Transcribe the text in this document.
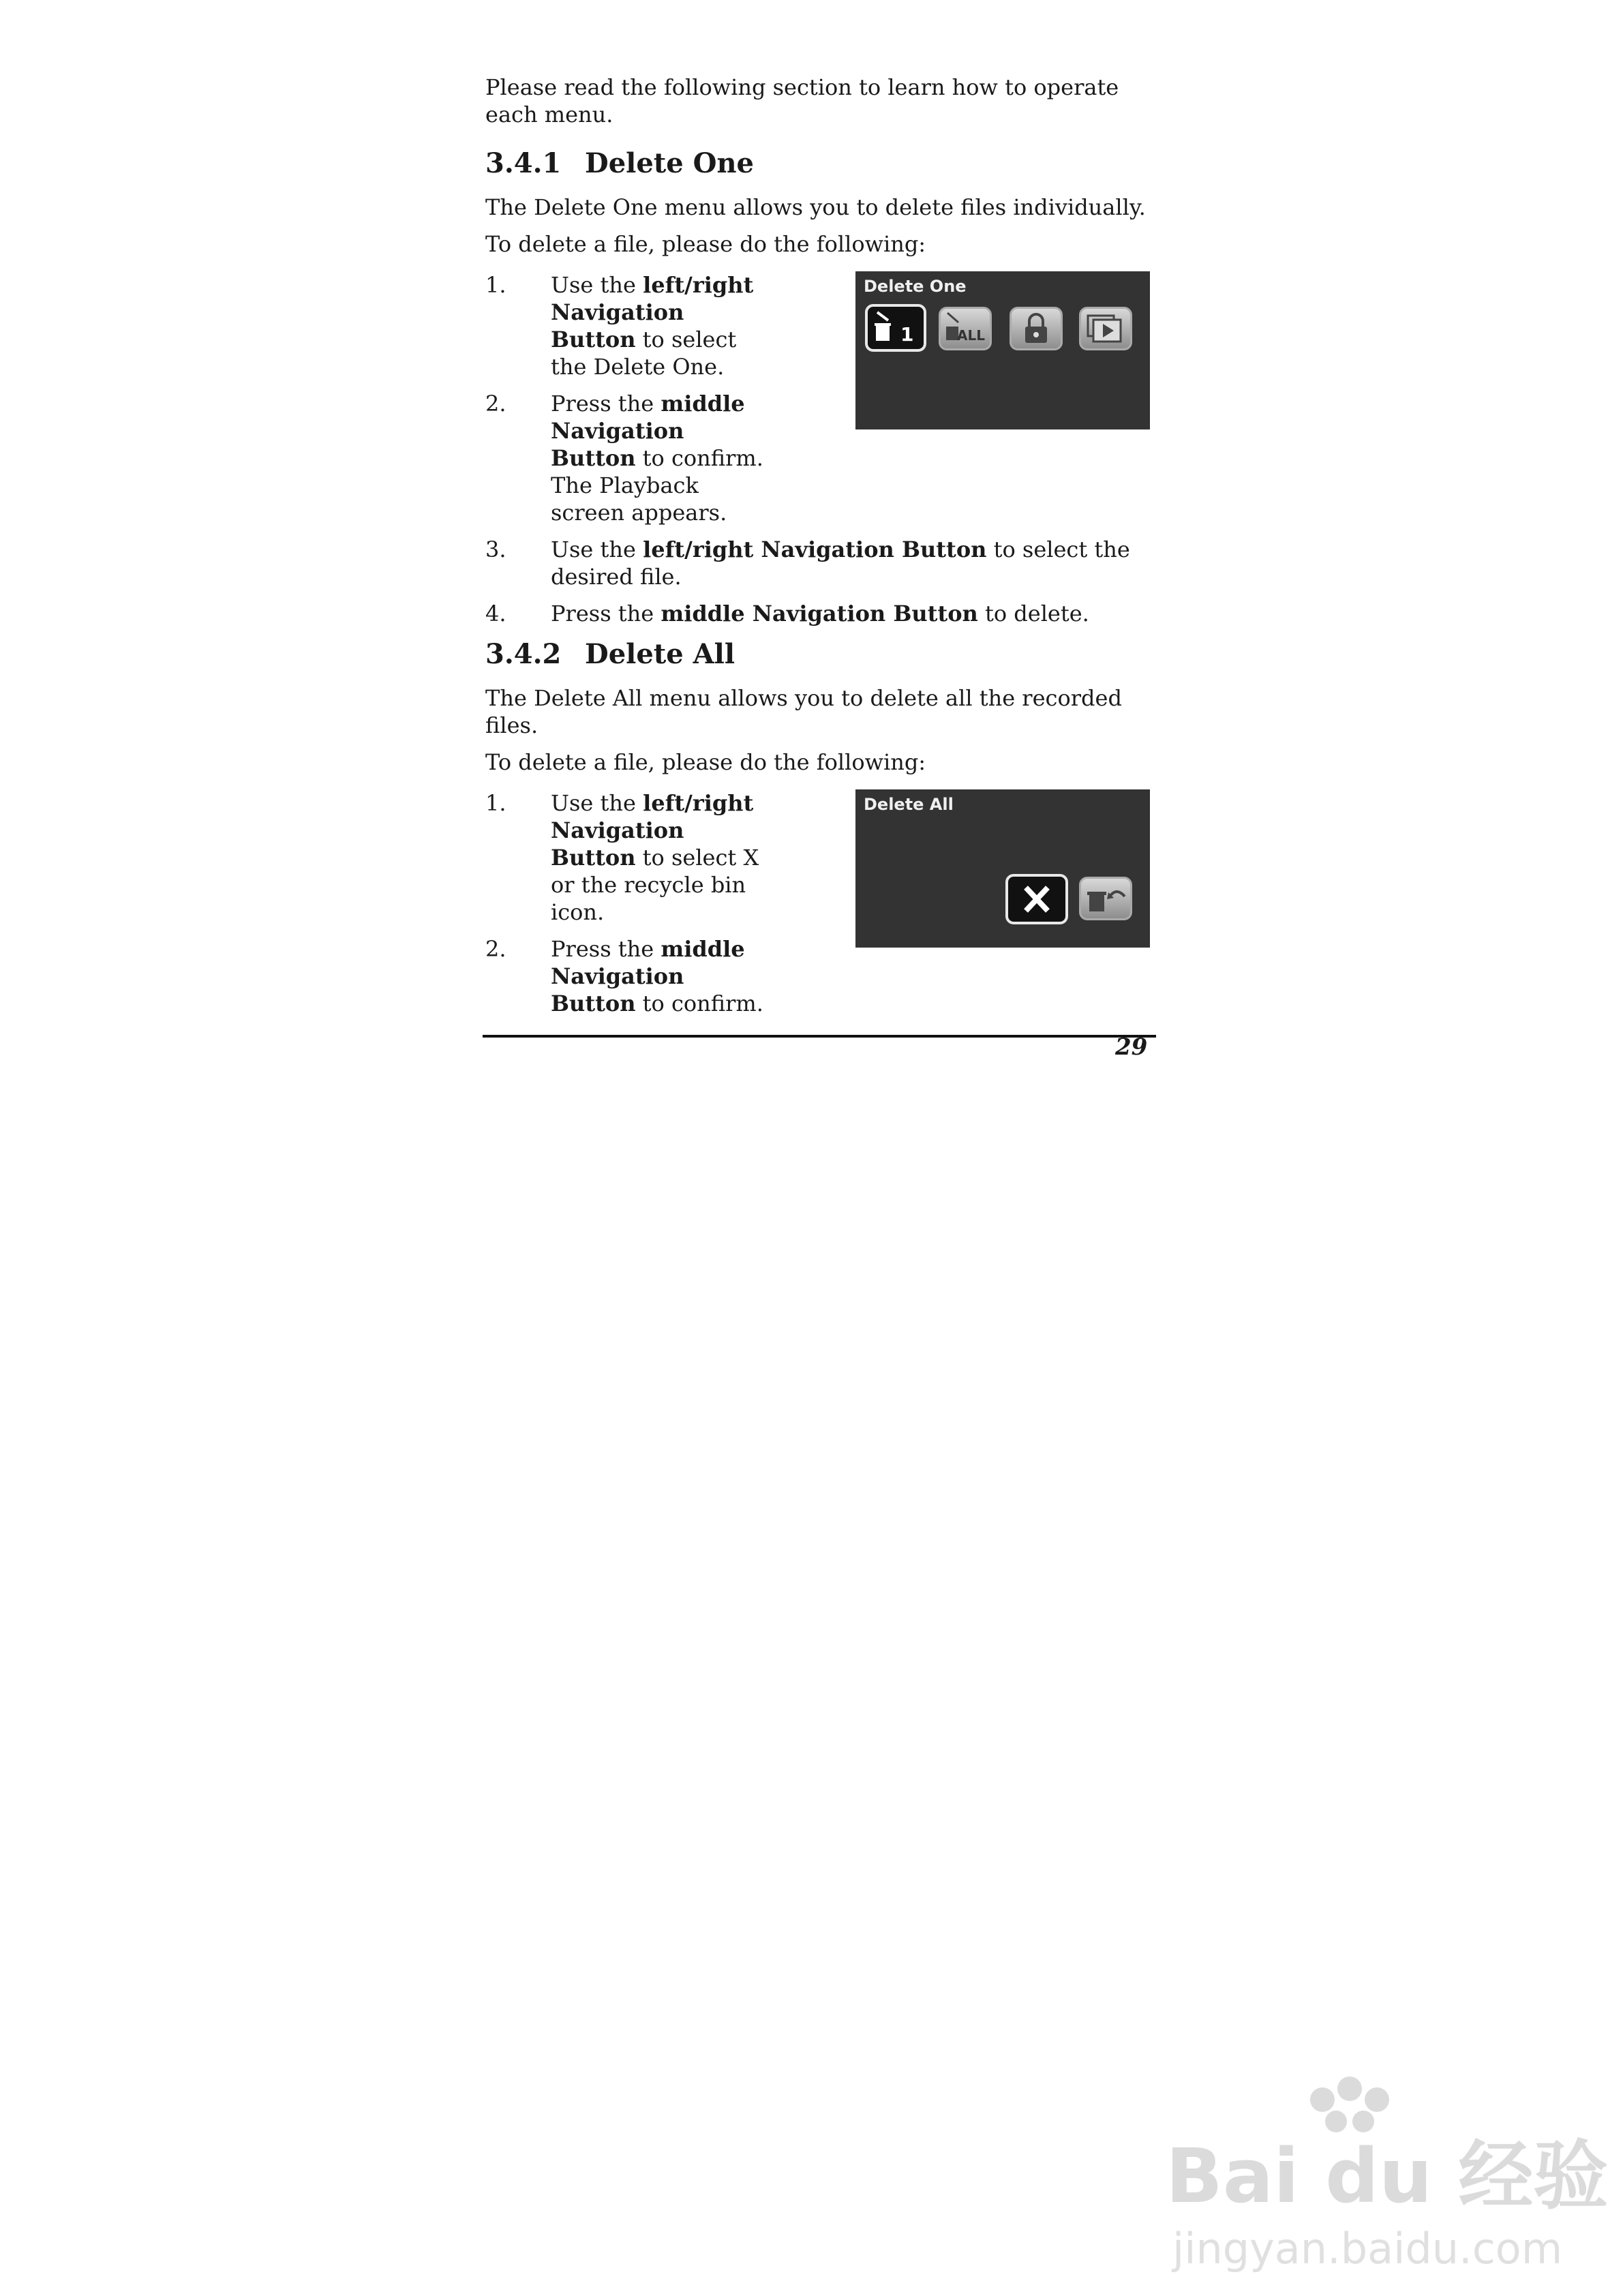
Please read the following section to learn how to operate each menu.

3.4.1 Delete One

The Delete One menu allows you to delete files individually.

To delete a file, please do the following:

1.	Use the left/right Navigation Button to select the Delete One.
2.	Press the middle Navigation Button to confirm. The Playback screen appears.
Delete One
1	ALL
3.	Use the left/right Navigation Button to select the desired file.
4.	Press the middle Navigation Button to delete.
3.4.2 Delete All

The Delete All menu allows you to delete all the recorded files.

To delete a file, please do the following:

1.	Use the left/right Navigation Button to select X or the recycle bin icon.
2.	Press the middle Navigation Button to confirm.
Delete All
29
Bai du 经验
jingyan.baidu.com
